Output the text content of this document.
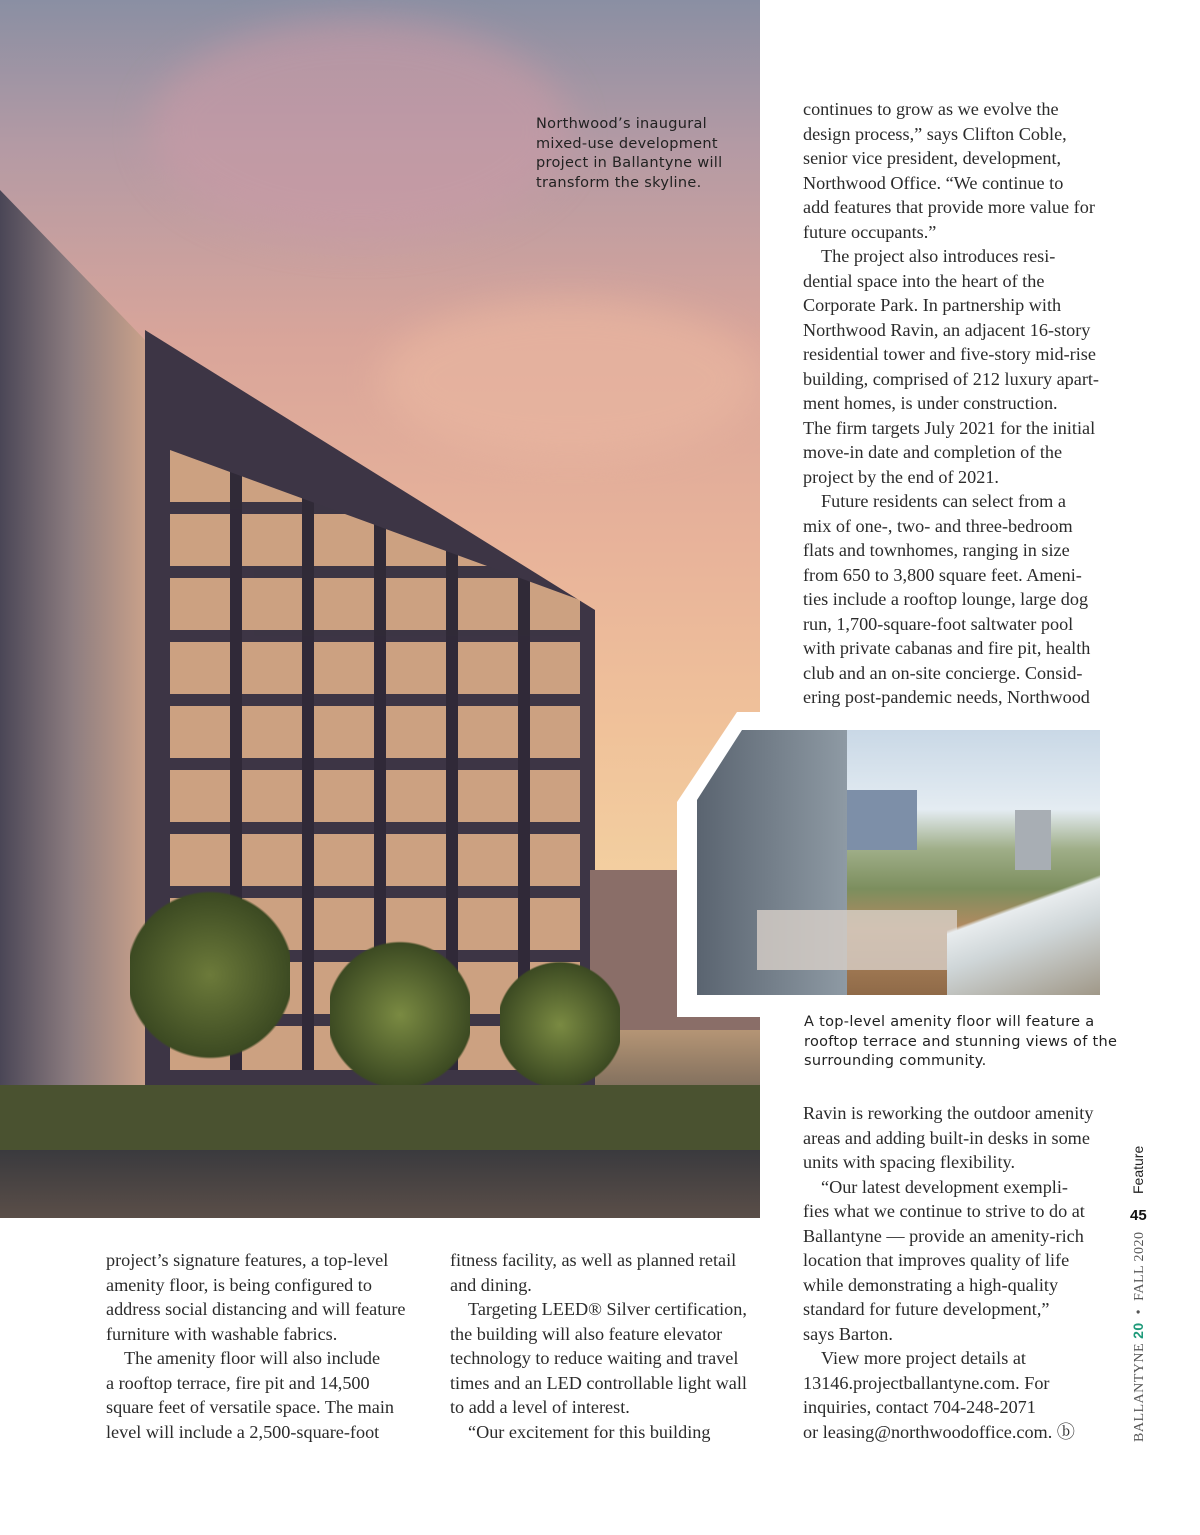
Northwood’s inaugural
mixed-use development
project in Ballantyne will
transform the skyline.
A top-level amenity floor will feature a
rooftop terrace and stunning views of the
surrounding community.
continues to grow as we evolve the
design process,” says Clifton Coble,
senior vice president, development,
Northwood Office. “We continue to
add features that provide more value for
future occupants.”
The project also introduces resi-
dential space into the heart of the
Corporate Park. In partnership with
Northwood Ravin, an adjacent 16-story
residential tower and five-story mid-rise
building, comprised of 212 luxury apart-
ment homes, is under construction.
The firm targets July 2021 for the initial
move-in date and completion of the
project by the end of 2021.
Future residents can select from a
mix of one-, two- and three-bedroom
flats and townhomes, ranging in size
from 650 to 3,800 square feet. Ameni-
ties include a rooftop lounge, large dog
run, 1,700-square-foot saltwater pool
with private cabanas and fire pit, health
club and an on-site concierge. Consid-
ering post-pandemic needs, Northwood
project’s signature features, a top-level
amenity floor, is being configured to
address social distancing and will feature
furniture with washable fabrics.
The amenity floor will also include
a rooftop terrace, fire pit and 14,500
square feet of versatile space. The main
level will include a 2,500-square-foot
fitness facility, as well as planned retail
and dining.
Targeting LEED® Silver certification,
the building will also feature elevator
technology to reduce waiting and travel
times and an LED controllable light wall
to add a level of interest.
“Our excitement for this building
Ravin is reworking the outdoor amenity
areas and adding built-in desks in some
units with spacing flexibility.
“Our latest development exempli-
fies what we continue to strive to do at
Ballantyne — provide an amenity-rich
location that improves quality of life
while demonstrating a high-quality
standard for future development,”
says Barton.
View more project details at
13146.projectballantyne.com. For
inquiries, contact 704-248-2071
or leasing@northwoodoffice.com. ⓑ
Feature
45
BALLANTYNE 20 • FALL 2020
